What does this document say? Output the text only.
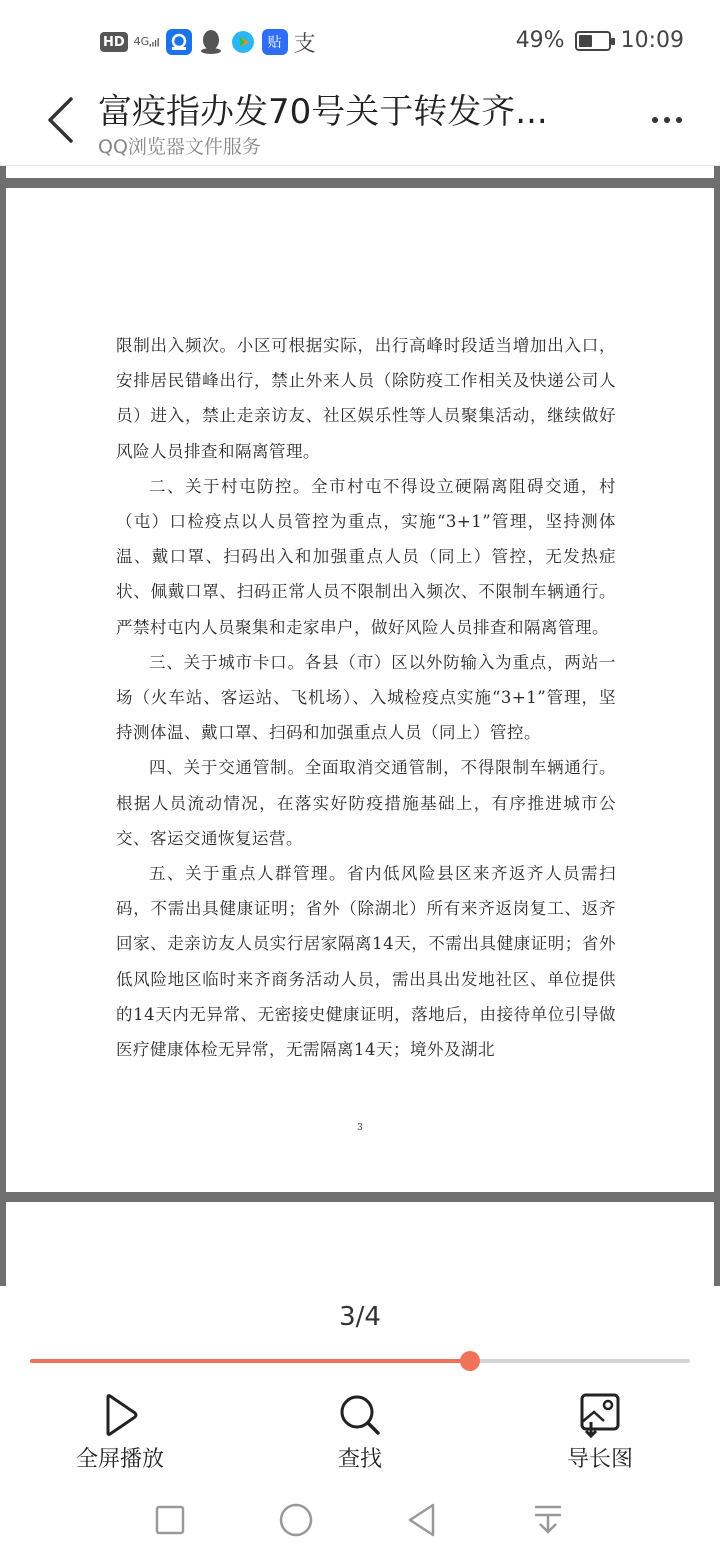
HD 4G	贴 支	49%	10:09
富疫指办发70号关于转发齐...
QQ浏览器文件服务

限制出入频次。小区可根据实际，出行高峰时段适当增加出入口，安排居民错峰出行，禁止外来人员（除防疫工作相关及快递公司人员）进入，禁止走亲访友、社区娱乐性等人员聚集活动，继续做好风险人员排查和隔离管理。

二、关于村屯防控。全市村屯不得设立硬隔离阻碍交通，村（屯）口检疫点以人员管控为重点，实施“3+1”管理，坚持测体温、戴口罩、扫码出入和加强重点人员（同上）管控，无发热症状、佩戴口罩、扫码正常人员不限制出入频次、不限制车辆通行。严禁村屯内人员聚集和走家串户，做好风险人员排查和隔离管理。

三、关于城市卡口。各县（市）区以外防输入为重点，两站一场（火车站、客运站、飞机场）、入城检疫点实施“3+1”管理，坚持测体温、戴口罩、扫码和加强重点人员（同上）管控。

四、关于交通管制。全面取消交通管制，不得限制车辆通行。根据人员流动情况，在落实好防疫措施基础上，有序推进城市公交、客运交通恢复运营。

五、关于重点人群管理。省内低风险县区来齐返齐人员需扫码，不需出具健康证明；省外（除湖北）所有来齐返岗复工、返齐回家、走亲访友人员实行居家隔离14天，不需出具健康证明；省外低风险地区临时来齐商务活动人员，需出具出发地社区、单位提供的14天内无异常、无密接史健康证明，落地后，由接待单位引导做医疗健康体检无异常，无需隔离14天；境外及湖北

3
3/4
全屏播放	查找	导长图
